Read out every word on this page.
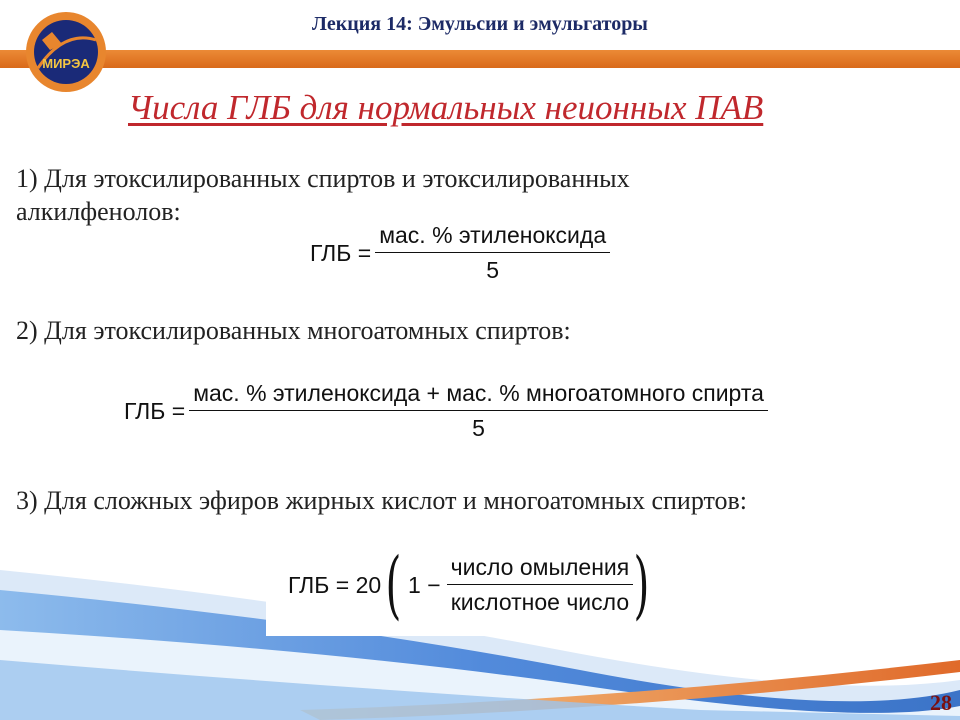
Лекция 14: Эмульсии и эмульгаторы
МИРЭА
Числа ГЛБ для нормальных неионных ПАВ
1) Для этоксилированных спиртов и этоксилированных
алкилфенолов:
ГЛБ = $\frac{\text{мас. \% этиленоксида}}{5}$
2) Для этоксилированных многоатомных спиртов:
ГЛБ = $\frac{\text{мас. \% этиленоксида + мас. \% многоатомного спирта}}{5}$
3) Для сложных эфиров жирных кислот и многоатомных спиртов:
ГЛБ = 20 ( $1 - \frac{\text{число омыления}}{\text{кислотное число}}$ )
28
